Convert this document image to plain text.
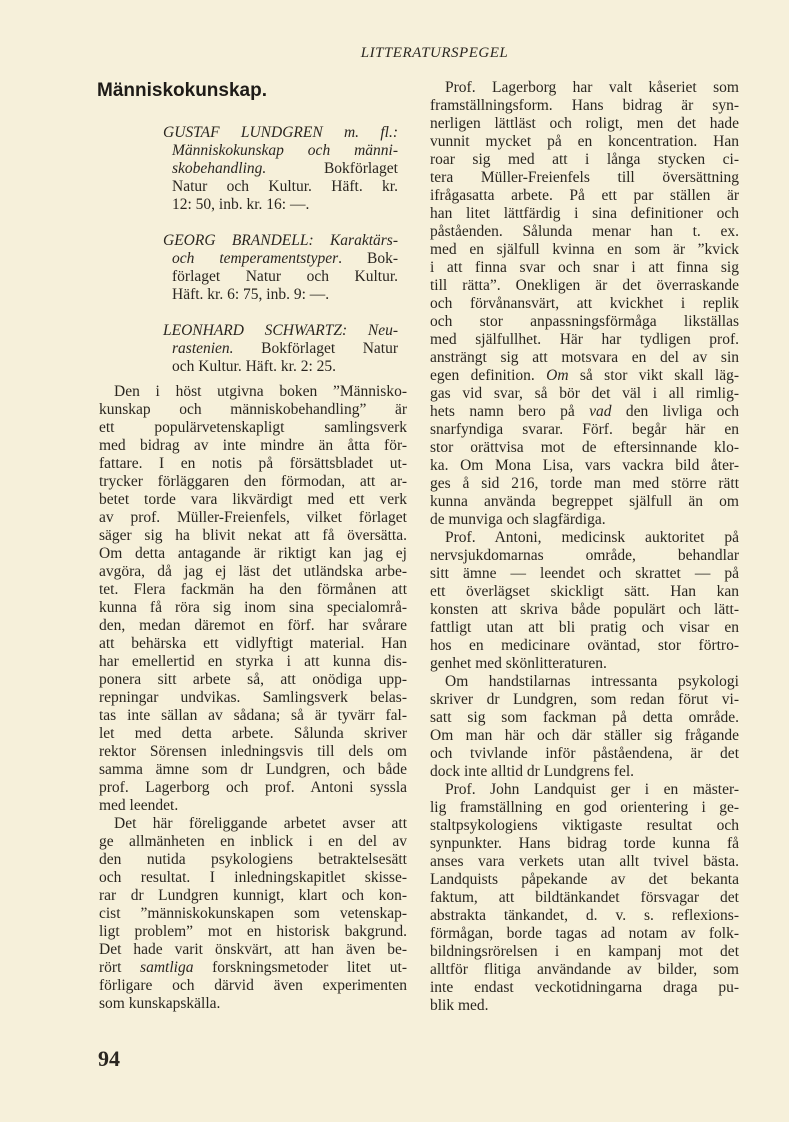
LITTERATURSPEGEL
Människokunskap.
GUSTAF LUNDGREN m. fl.:
Människokunskap och männi-
skobehandling. Bokförlaget
Natur och Kultur. Häft. kr.
12: 50, inb. kr. 16: —.
GEORG BRANDELL: Karaktärs-
och temperamentstyper. Bok-
förlaget Natur och Kultur.
Häft. kr. 6: 75, inb. 9: —.
LEONHARD SCHWARTZ: Neu-
rastenien. Bokförlaget Natur
och Kultur. Häft. kr. 2: 25.
Den i höst utgivna boken ”Människo-
kunskap och människobehandling” är
ett populärvetenskapligt samlingsverk
med bidrag av inte mindre än åtta för-
fattare. I en notis på försättsbladet ut-
trycker förläggaren den förmodan, att ar-
betet torde vara likvärdigt med ett verk
av prof. Müller-Freienfels, vilket förlaget
säger sig ha blivit nekat att få översätta.
Om detta antagande är riktigt kan jag ej
avgöra, då jag ej läst det utländska arbe-
tet. Flera fackmän ha den förmånen att
kunna få röra sig inom sina specialområ-
den, medan däremot en förf. har svårare
att behärska ett vidlyftigt material. Han
har emellertid en styrka i att kunna dis-
ponera sitt arbete så, att onödiga upp-
repningar undvikas. Samlingsverk belas-
tas inte sällan av sådana; så är tyvärr fal-
let med detta arbete. Sålunda skriver
rektor Sörensen inledningsvis till dels om
samma ämne som dr Lundgren, och både
prof. Lagerborg och prof. Antoni syssla
med leendet.
Det här föreliggande arbetet avser att
ge allmänheten en inblick i en del av
den nutida psykologiens betraktelsesätt
och resultat. I inledningskapitlet skisse-
rar dr Lundgren kunnigt, klart och kon-
cist ”människokunskapen som vetenskap-
ligt problem” mot en historisk bakgrund.
Det hade varit önskvärt, att han även be-
rört samtliga forskningsmetoder litet ut-
förligare och därvid även experimenten
som kunskapskälla.
Prof. Lagerborg har valt kåseriet som
framställningsform. Hans bidrag är syn-
nerligen lättläst och roligt, men det hade
vunnit mycket på en koncentration. Han
roar sig med att i långa stycken ci-
tera Müller-Freienfels till översättning
ifrågasatta arbete. På ett par ställen är
han litet lättfärdig i sina definitioner och
påståenden. Sålunda menar han t. ex.
med en själfull kvinna en som är ”kvick
i att finna svar och snar i att finna sig
till rätta”. Onekligen är det överraskande
och förvånansvärt, att kvickhet i replik
och stor anpassningsförmåga likställas
med själfullhet. Här har tydligen prof.
ansträngt sig att motsvara en del av sin
egen definition. Om så stor vikt skall läg-
gas vid svar, så bör det väl i all rimlig-
hets namn bero på vad den livliga och
snarfyndiga svarar. Förf. begår här en
stor orättvisa mot de eftersinnande klo-
ka. Om Mona Lisa, vars vackra bild åter-
ges å sid 216, torde man med större rätt
kunna använda begreppet själfull än om
de munviga och slagfärdiga.
Prof. Antoni, medicinsk auktoritet på
nervsjukdomarnas område, behandlar
sitt ämne — leendet och skrattet — på
ett överlägset skickligt sätt. Han kan
konsten att skriva både populärt och lätt-
fattligt utan att bli pratig och visar en
hos en medicinare oväntad, stor förtro-
genhet med skönlitteraturen.
Om handstilarnas intressanta psykologi
skriver dr Lundgren, som redan förut vi-
satt sig som fackman på detta område.
Om man här och där ställer sig frågande
och tvivlande inför påståendena, är det
dock inte alltid dr Lundgrens fel.
Prof. John Landquist ger i en mäster-
lig framställning en god orientering i ge-
staltpsykologiens viktigaste resultat och
synpunkter. Hans bidrag torde kunna få
anses vara verkets utan allt tvivel bästa.
Landquists påpekande av det bekanta
faktum, att bildtänkandet försvagar det
abstrakta tänkandet, d. v. s. reflexions-
förmågan, borde tagas ad notam av folk-
bildningsrörelsen i en kampanj mot det
alltför flitiga användande av bilder, som
inte endast veckotidningarna draga pu-
blik med.
94
